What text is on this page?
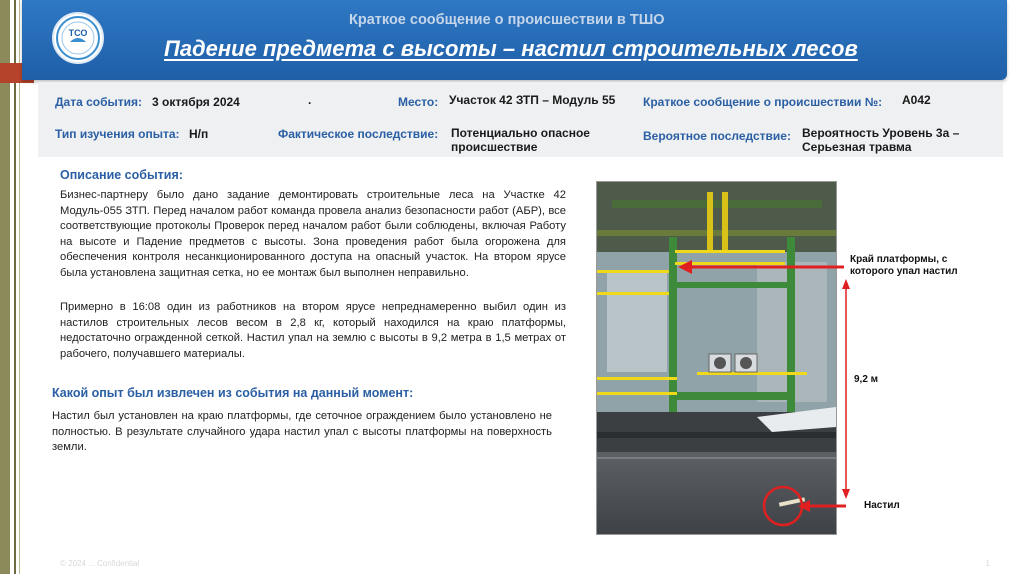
ТСО
Краткое сообщение о происшествии в ТШО
Падение предмета с высоты – настил строительных лесов
Дата события: 3 октября 2024	.	Место: Участок 42 ЗТП – Модуль 55	Краткое сообщение о происшествии №: А042
Тип изучения опыта: Н/п	Фактическое последствие: Потенциально опасное происшествие
Вероятное последствие: Вероятность Уровень 3а – Серьезная травма
Описание события:
Бизнес-партнеру было дано задание демонтировать строительные леса на Участке 42 Модуль-055 ЗТП. Перед началом работ команда провела анализ безопасности работ (АБР), все соответствующие протоколы Проверок перед началом работ были соблюдены, включая Работу на высоте и Падение предметов с высоты. Зона проведения работ была огорожена для обеспечения контроля несанкционированного доступа на опасный участок. На втором ярусе была установлена защитная сетка, но ее монтаж был выполнен неправильно.
Примерно в 16:08 один из работников на втором ярусе непреднамеренно выбил один из настилов строительных лесов весом в 2,8 кг, который находился на краю платформы, недостаточно огражденной сеткой. Настил упал на землю с высоты в 9,2 метра в 1,5 метрах от рабочего, получавшего материалы.
Какой опыт был извлечен из события на данный момент:
Настил был установлен на краю платформы, где сеточное ограждением было установлено не полностью. В результате случайного удара настил упал с высоты платформы на поверхность земли.
Край платформы, с которого упал настил
9,2 м
Настил
© 2024 ... Confidential	1
